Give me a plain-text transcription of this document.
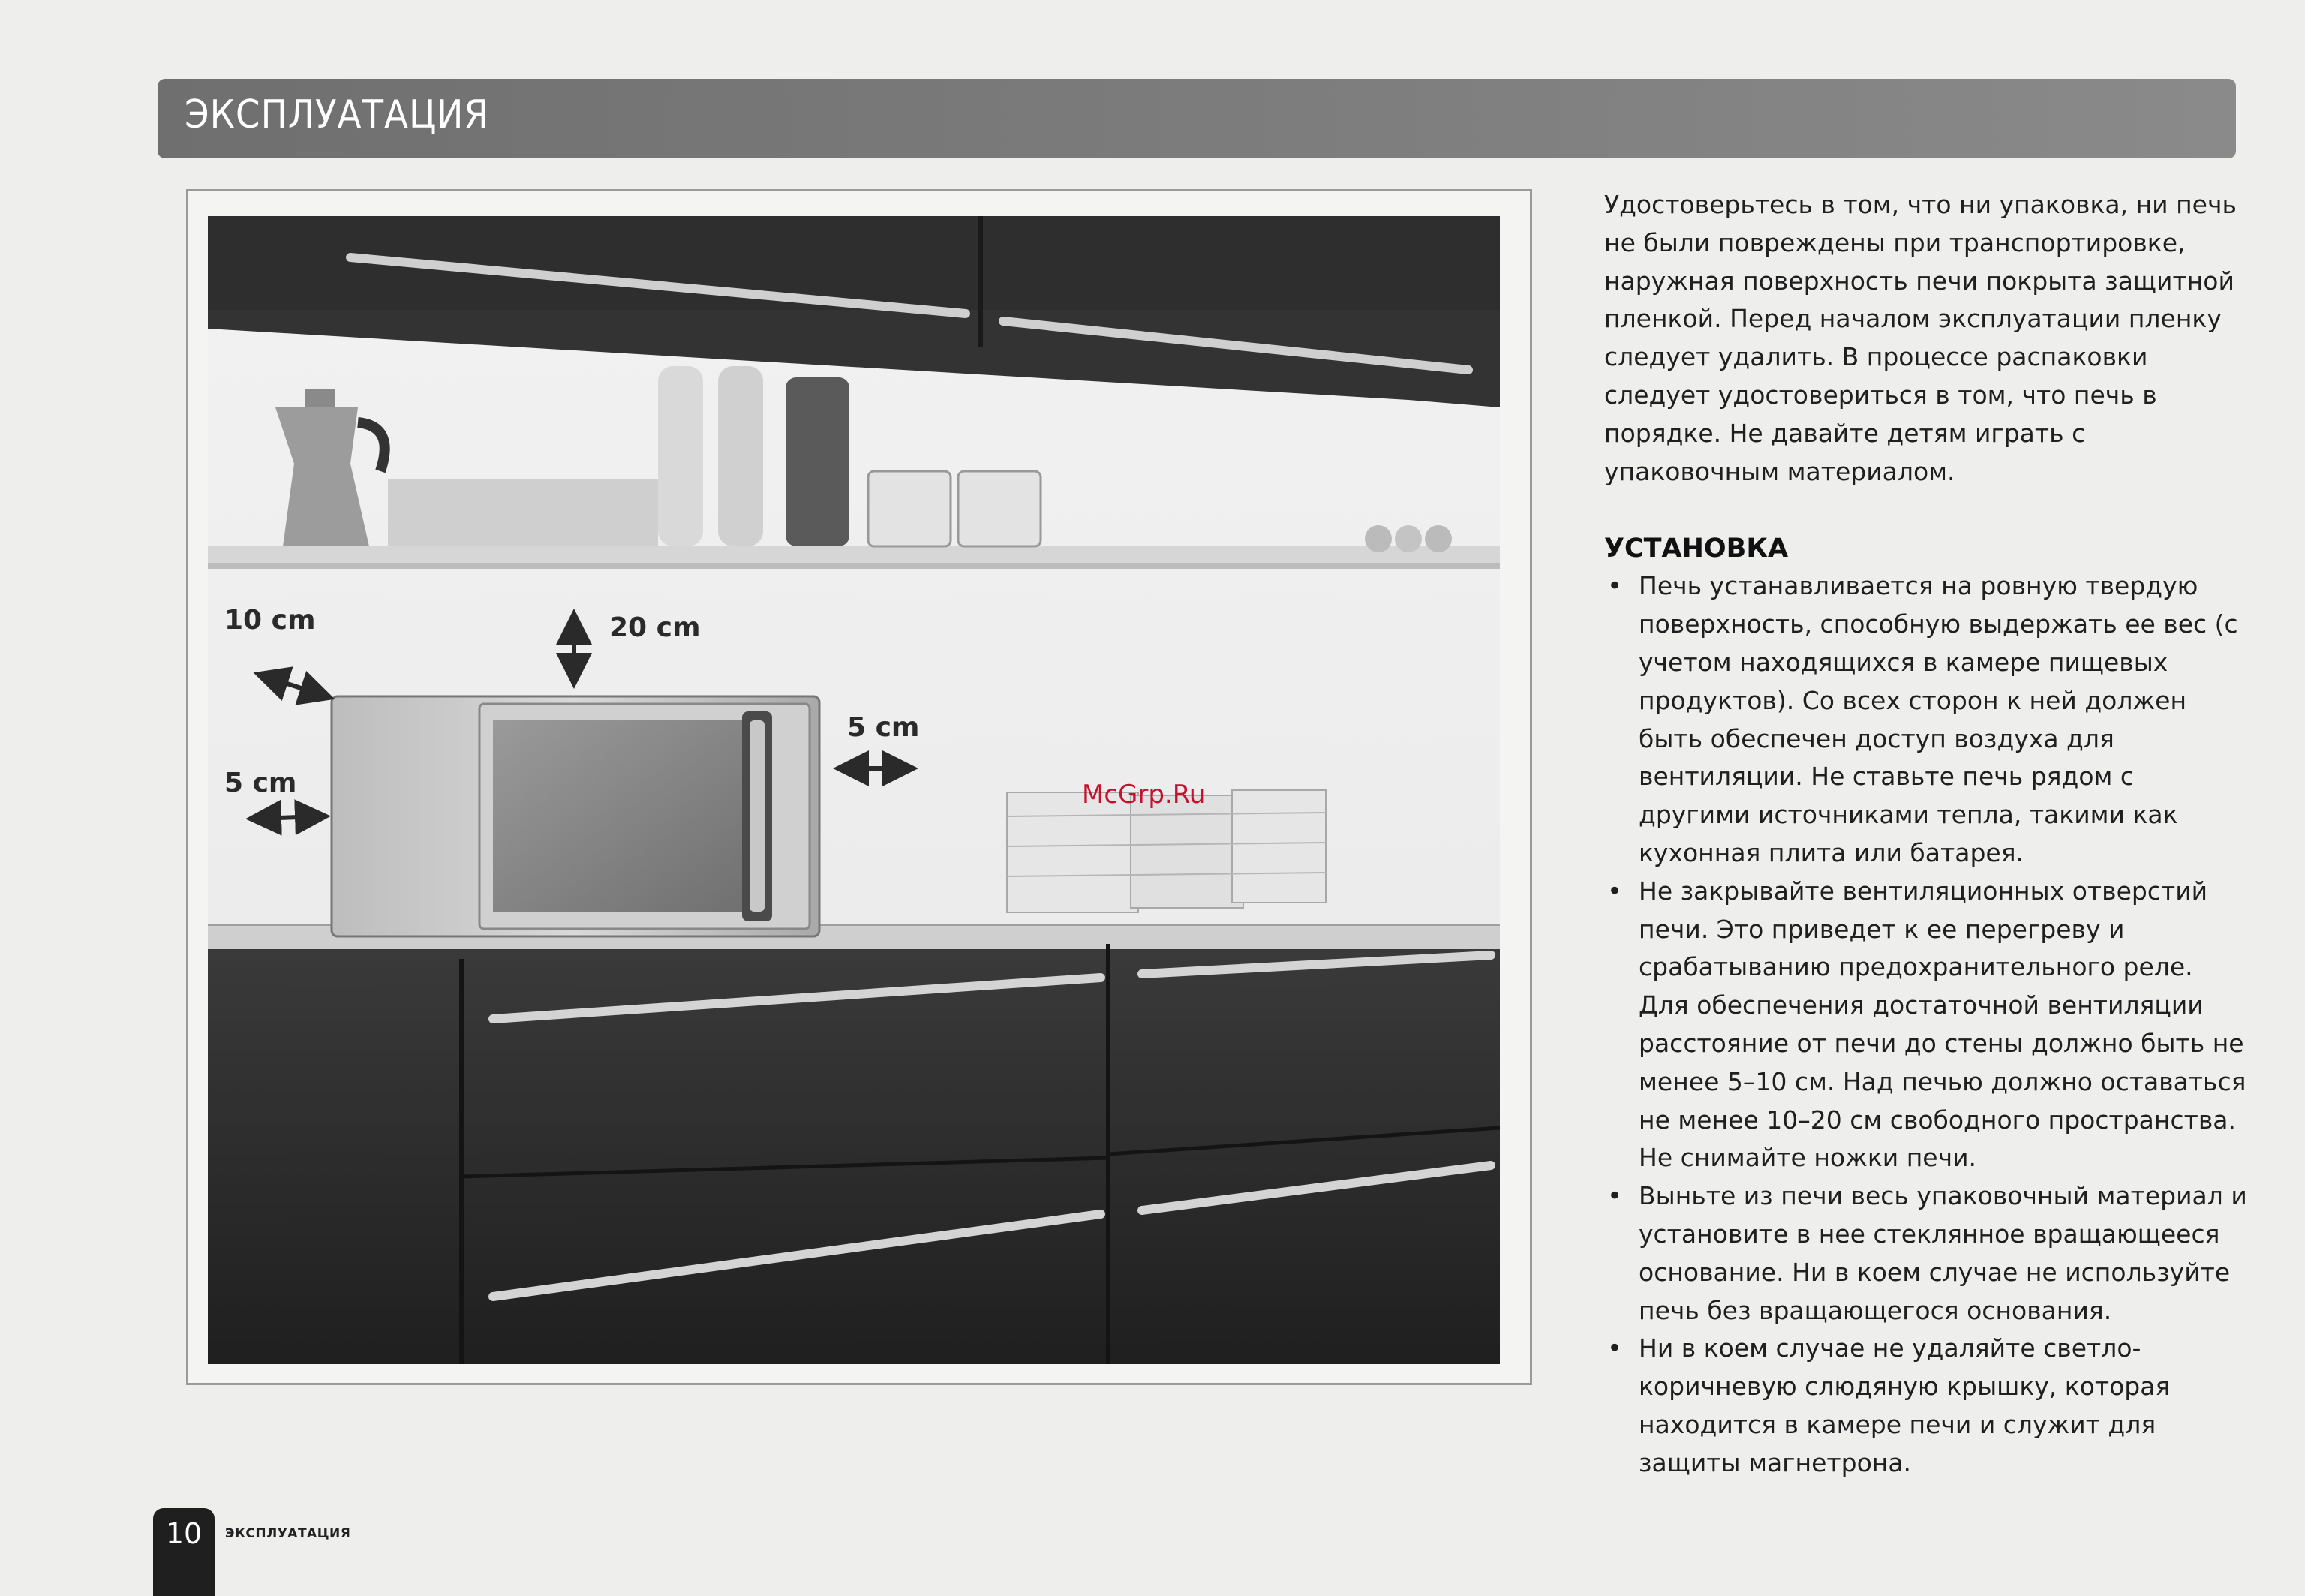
ЭКСПЛУАТАЦИЯ
20 cm
10 cm
5 cm
5 cm
McGrp.Ru

Удостоверьтесь в том, что ни упаковка, ни печь не были повреждены при транспортировке, наружная поверхность печи покрыта защитной пленкой. Перед началом эксплуатации пленку следует удалить. В процессе распаковки следует удостовериться в том, что печь в порядке. Не давайте детям играть с упаковочным материалом.

УСТАНОВКА
• Печь устанавливается на ровную твердую поверхность, способную выдержать ее вес (с учетом находящихся в камере пищевых продуктов). Со всех сторон к ней должен быть обеспечен доступ воздуха для вентиляции. Не ставьте печь рядом с другими источниками тепла, такими как кухонная плита или батарея.
• Не закрывайте вентиляционных отверстий печи. Это приведет к ее перегреву и срабатыванию предохранительного реле. Для обеспечения достаточной вентиляции расстояние от печи до стены должно быть не менее 5–10 см. Над печью должно оставаться не менее 10–20 см свободного пространства. Не снимайте ножки печи.
• Выньте из печи весь упаковочный материал и установите в нее стеклянное вращающееся основание. Ни в коем случае не используйте печь без вращающегося основания.
• Ни в коем случае не удаляйте светло-коричневую слюдяную крышку, которая находится в камере печи и служит для защиты магнетрона.
10	ЭКСПЛУАТАЦИЯ
